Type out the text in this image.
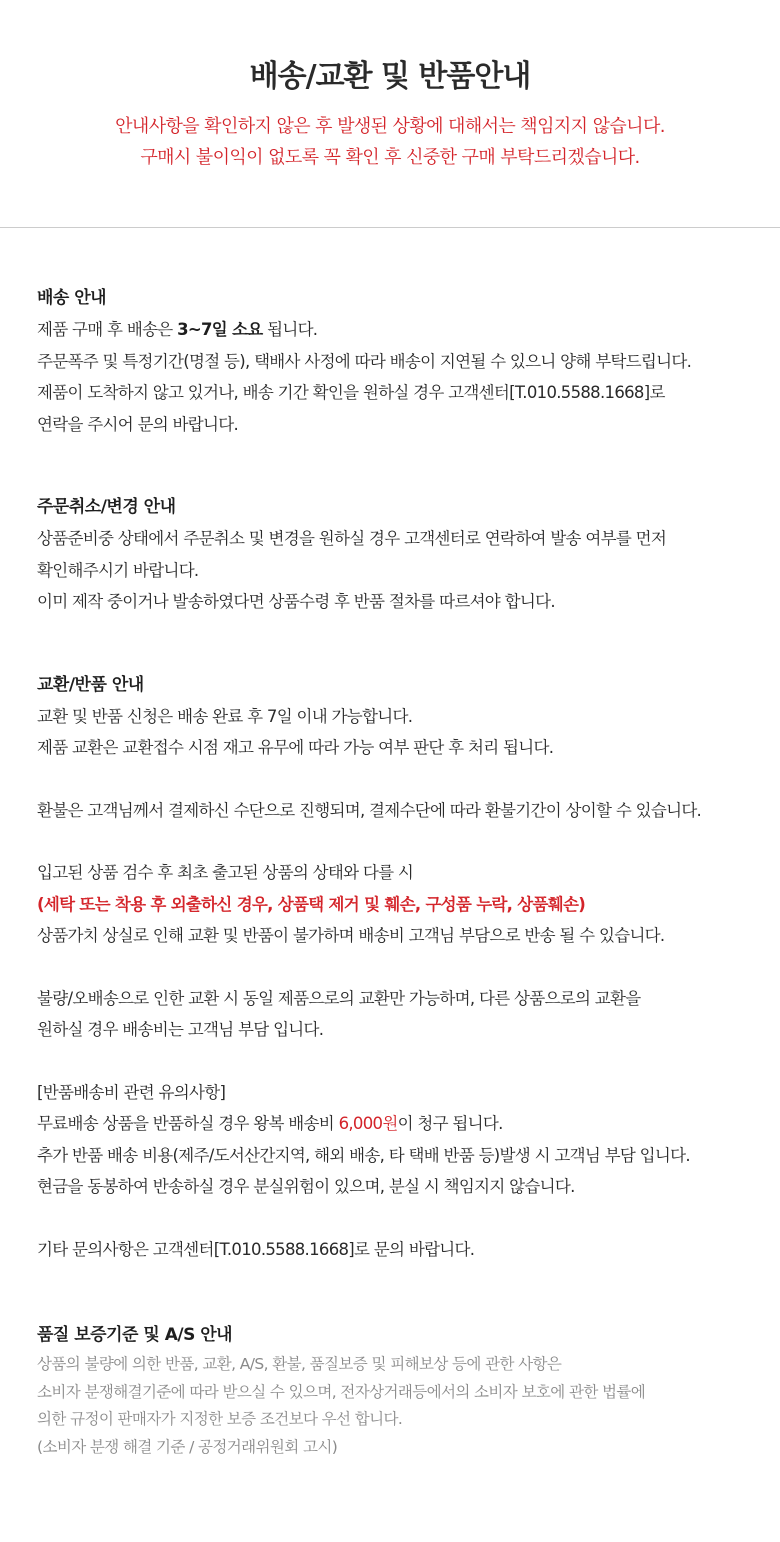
배송/교환 및 반품안내
안내사항을 확인하지 않은 후 발생된 상황에 대해서는 책임지지 않습니다.
구매시 불이익이 없도록 꼭 확인 후 신중한 구매 부탁드리겠습니다.
배송 안내
제품 구매 후 배송은 3~7일 소요 됩니다.
주문폭주 및 특정기간(명절 등), 택배사 사정에 따라 배송이 지연될 수 있으니 양해 부탁드립니다.
제품이 도착하지 않고 있거나, 배송 기간 확인을 원하실 경우 고객센터[T.010.5588.1668]로
연락을 주시어 문의 바랍니다.
주문취소/변경 안내
상품준비중 상태에서 주문취소 및 변경을 원하실 경우 고객센터로 연락하여 발송 여부를 먼저
확인해주시기 바랍니다.
이미 제작 중이거나 발송하였다면 상품수령 후 반품 절차를 따르셔야 합니다.
교환/반품 안내
교환 및 반품 신청은 배송 완료 후 7일 이내 가능합니다.
제품 교환은 교환접수 시점 재고 유무에 따라 가능 여부 판단 후 처리 됩니다.
환불은 고객님께서 결제하신 수단으로 진행되며, 결제수단에 따라 환불기간이 상이할 수 있습니다.
입고된 상품 검수 후 최초 출고된 상품의 상태와 다를 시
(세탁 또는 착용 후 외출하신 경우, 상품택 제거 및 훼손, 구성품 누락, 상품훼손)
상품가치 상실로 인해 교환 및 반품이 불가하며 배송비 고객님 부담으로 반송 될 수 있습니다.
불량/오배송으로 인한 교환 시 동일 제품으로의 교환만 가능하며, 다른 상품으로의 교환을
원하실 경우 배송비는 고객님 부담 입니다.
[반품배송비 관련 유의사항]
무료배송 상품을 반품하실 경우 왕복 배송비 6,000원이 청구 됩니다.
추가 반품 배송 비용(제주/도서산간지역, 해외 배송, 타 택배 반품 등)발생 시 고객님 부담 입니다.
현금을 동봉하여 반송하실 경우 분실위험이 있으며, 분실 시 책임지지 않습니다.
기타 문의사항은 고객센터[T.010.5588.1668]로 문의 바랍니다.
품질 보증기준 및 A/S 안내
상품의 불량에 의한 반품, 교환, A/S, 환불, 품질보증 및 피해보상 등에 관한 사항은
소비자 분쟁해결기준에 따라 받으실 수 있으며, 전자상거래등에서의 소비자 보호에 관한 법률에
의한 규정이 판매자가 지정한 보증 조건보다 우선 합니다.
(소비자 분쟁 해결 기준 / 공정거래위원회 고시)
